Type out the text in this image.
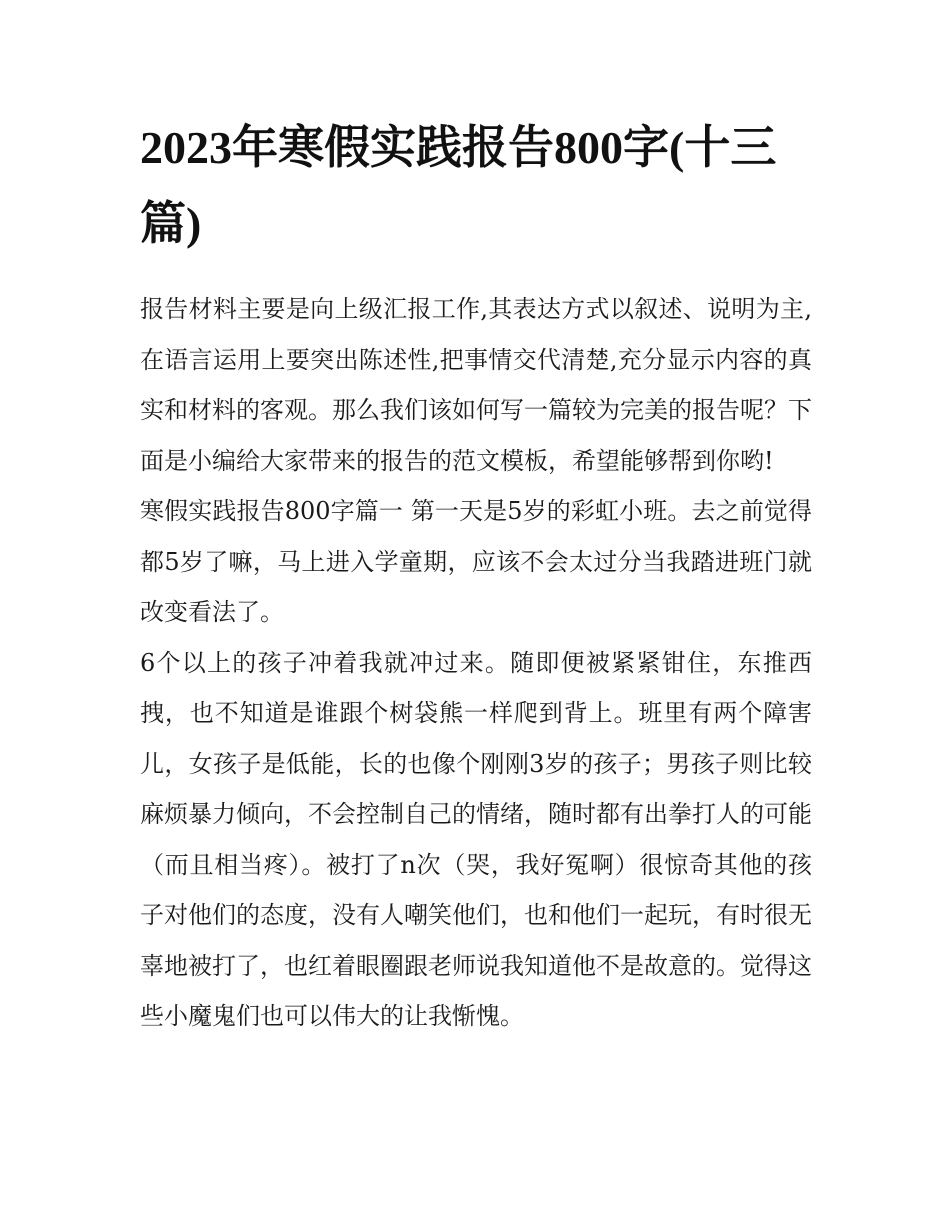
2023年寒假实践报告800字(十三篇)

报告材料主要是向上级汇报工作,其表达方式以叙述、说明为主,在语言运用上要突出陈述性,把事情交代清楚,充分显示内容的真实和材料的客观。那么我们该如何写一篇较为完美的报告呢？下面是小编给大家带来的报告的范文模板，希望能够帮到你哟!

寒假实践报告800字篇一 第一天是5岁的彩虹小班。去之前觉得都5岁了嘛，马上进入学童期，应该不会太过分当我踏进班门就改变看法了。

6个以上的孩子冲着我就冲过来。随即便被紧紧钳住，东推西拽，也不知道是谁跟个树袋熊一样爬到背上。班里有两个障害儿，女孩子是低能，长的也像个刚刚3岁的孩子；男孩子则比较麻烦暴力倾向，不会控制自己的情绪，随时都有出拳打人的可能（而且相当疼）。被打了n次（哭，我好冤啊）很惊奇其他的孩子对他们的态度，没有人嘲笑他们，也和他们一起玩，有时很无辜地被打了，也红着眼圈跟老师说我知道他不是故意的。觉得这些小魔鬼们也可以伟大的让我惭愧。
